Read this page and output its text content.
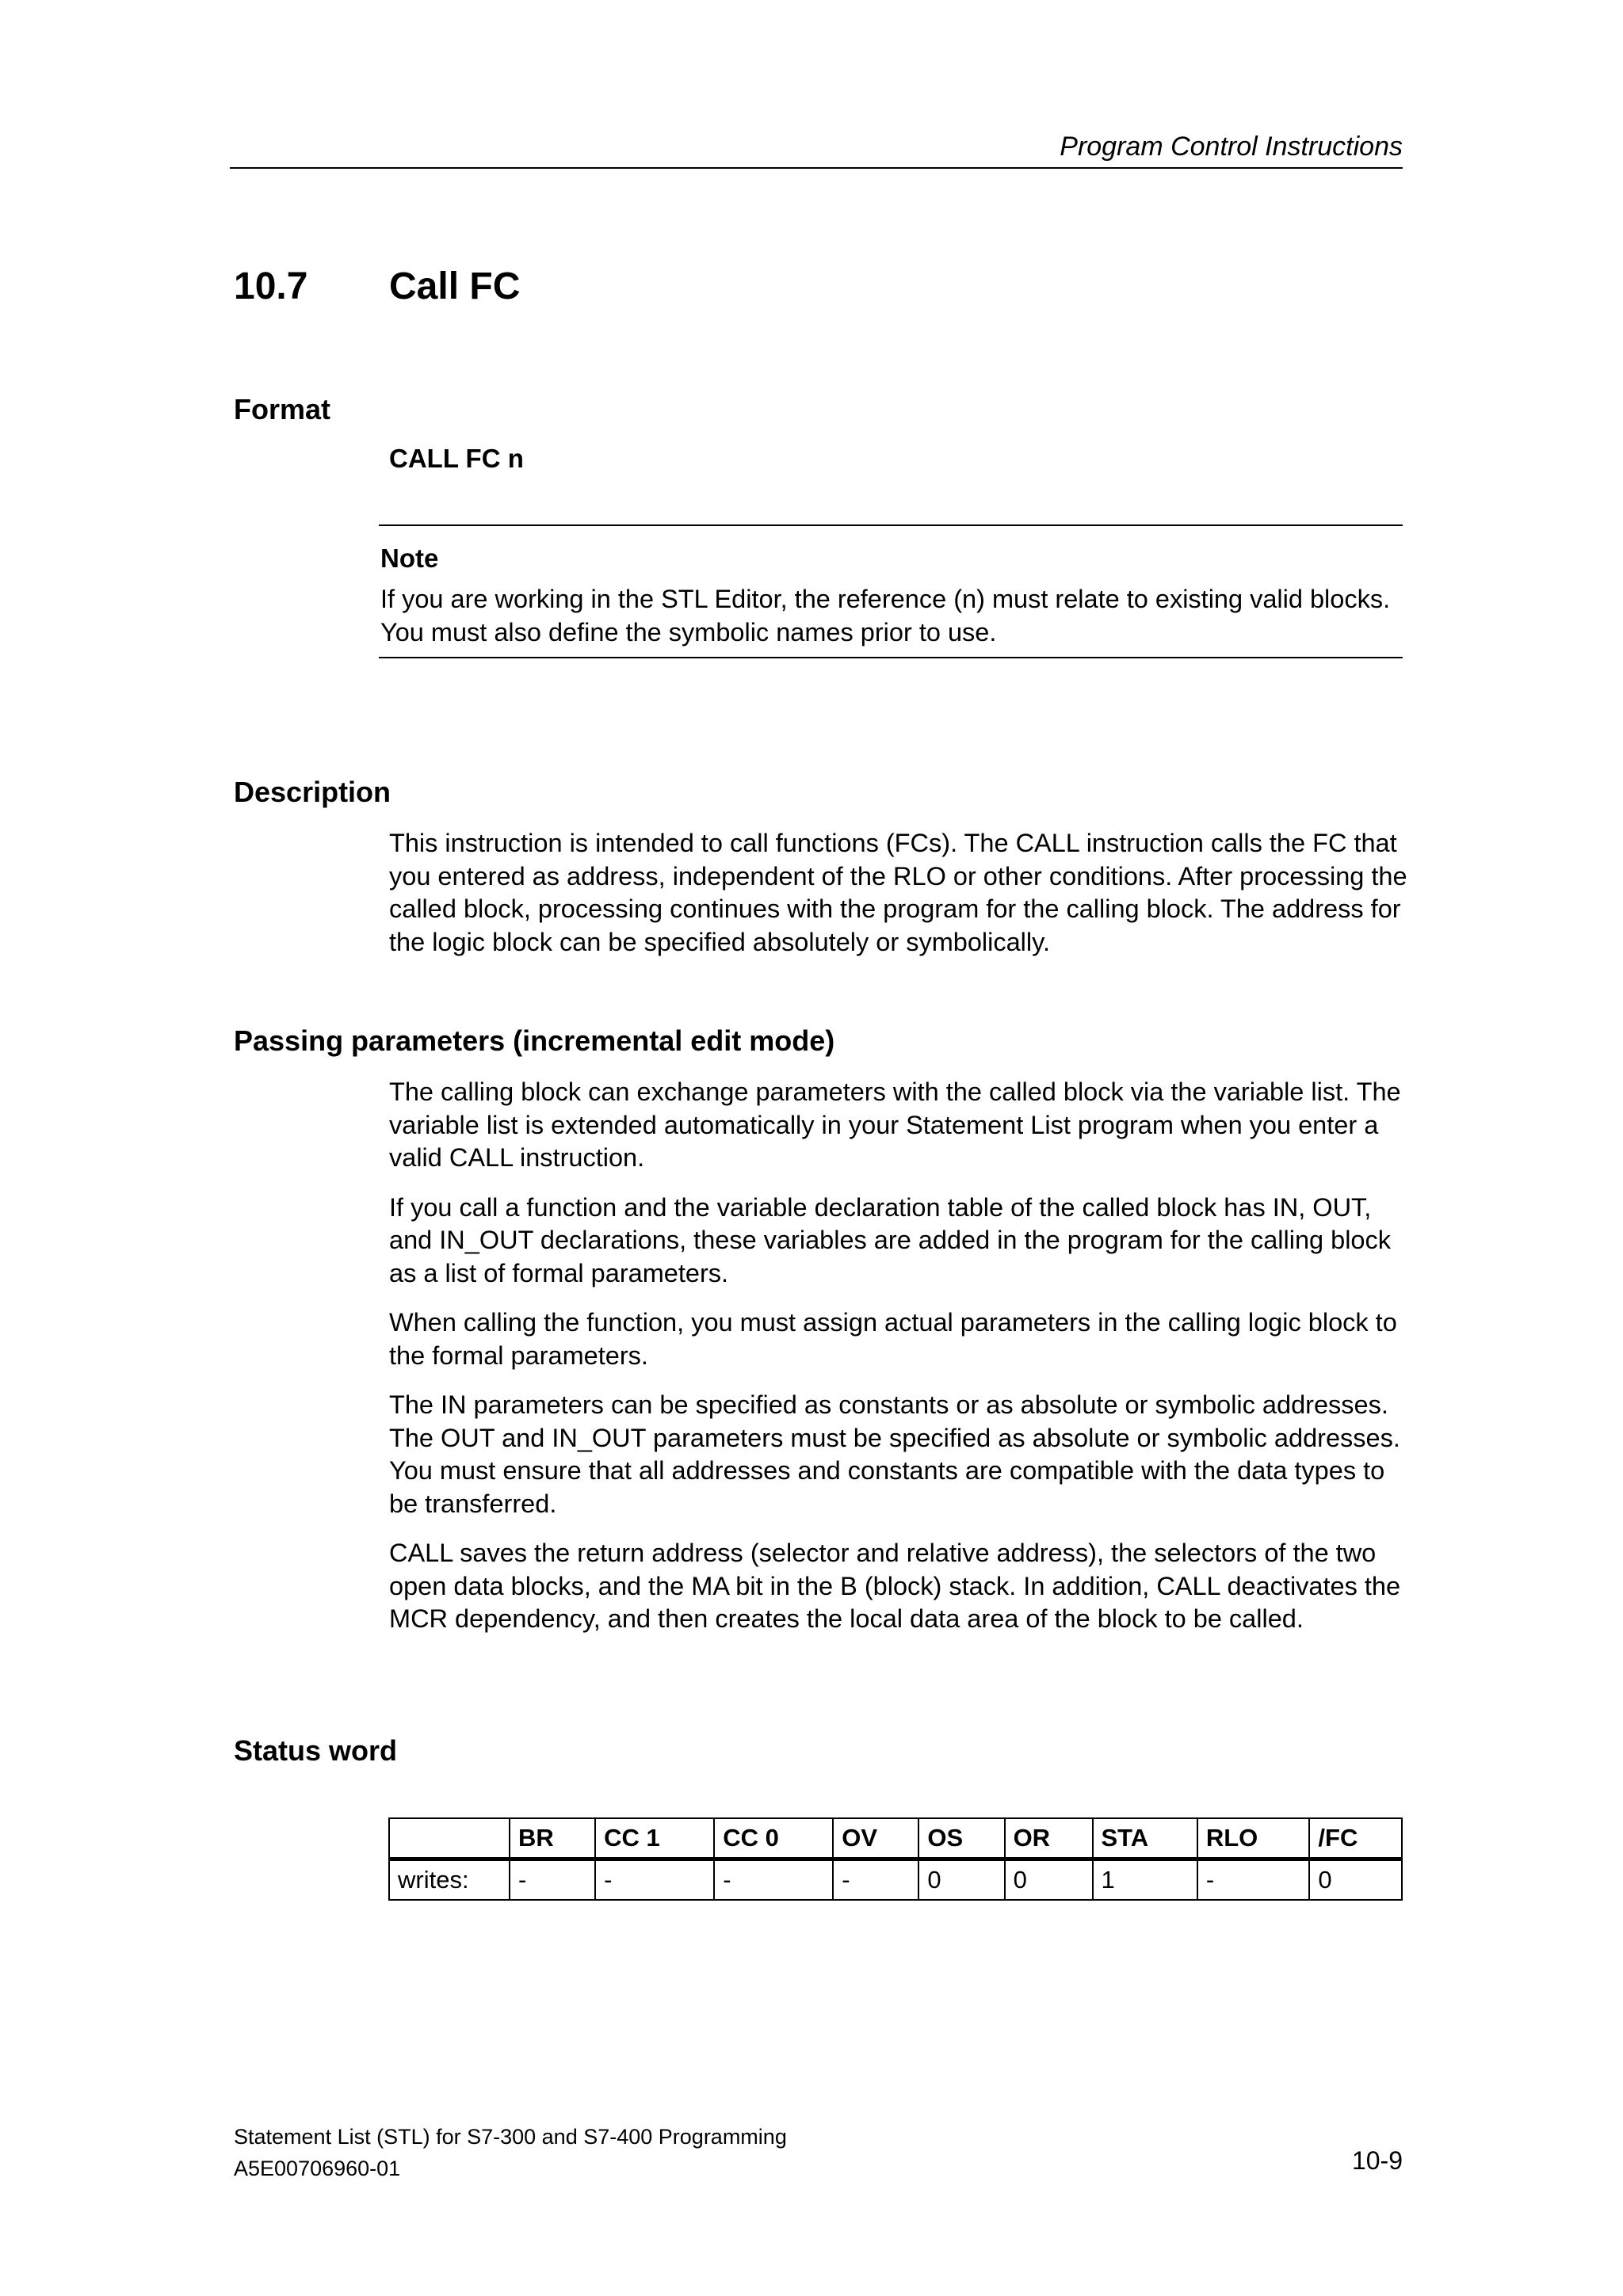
Program Control Instructions
10.7 Call FC
Format
CALL FC n
Note
If you are working in the STL Editor, the reference (n) must relate to existing valid blocks. You must also define the symbolic names prior to use.
Description
This instruction is intended to call functions (FCs). The CALL instruction calls the FC that you entered as address, independent of the RLO or other conditions. After processing the called block, processing continues with the program for the calling block. The address for the logic block can be specified absolutely or symbolically.
Passing parameters (incremental edit mode)

The calling block can exchange parameters with the called block via the variable list. The variable list is extended automatically in your Statement List program when you enter a valid CALL instruction.

If you call a function and the variable declaration table of the called block has IN, OUT, and IN_OUT declarations, these variables are added in the program for the calling block as a list of formal parameters.

When calling the function, you must assign actual parameters in the calling logic block to the formal parameters.

The IN parameters can be specified as constants or as absolute or symbolic addresses. The OUT and IN_OUT parameters must be specified as absolute or symbolic addresses. You must ensure that all addresses and constants are compatible with the data types to be transferred.

CALL saves the return address (selector and relative address), the selectors of the two open data blocks, and the MA bit in the B (block) stack. In addition, CALL deactivates the MCR dependency, and then creates the local data area of the block to be called.

Status word
	BR	CC 1	CC 0	OV	OS	OR	STA	RLO	/FC
writes:	-	-	-	-	0	0	1	-	0
Statement List (STL) for S7-300 and S7-400 Programming
A5E00706960-01	10-9
